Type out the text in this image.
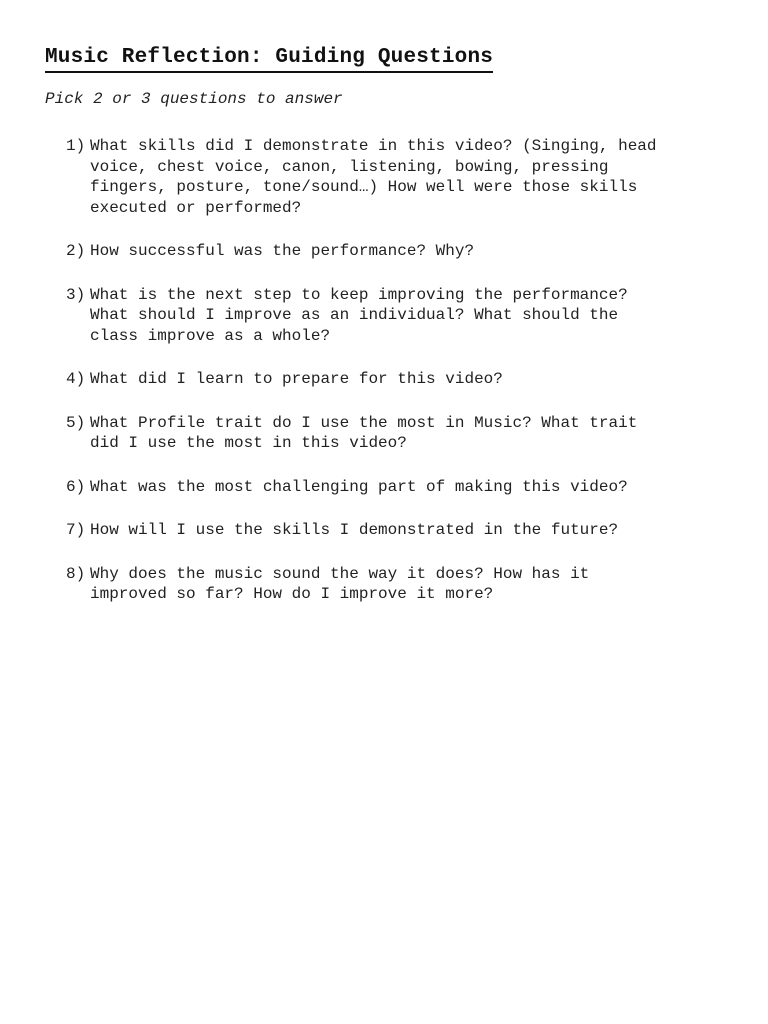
Music Reflection: Guiding Questions

Pick 2 or 3 questions to answer

1) What skills did I demonstrate in this video? (Singing, head
voice, chest voice, canon, listening, bowing, pressing
fingers, posture, tone/sound…) How well were those skills
executed or performed?
2) How successful was the performance? Why?
3) What is the next step to keep improving the performance?
What should I improve as an individual? What should the
class improve as a whole?
4) What did I learn to prepare for this video?
5) What Profile trait do I use the most in Music? What trait
did I use the most in this video?
6) What was the most challenging part of making this video?
7) How will I use the skills I demonstrated in the future?
8) Why does the music sound the way it does? How has it
improved so far? How do I improve it more?
